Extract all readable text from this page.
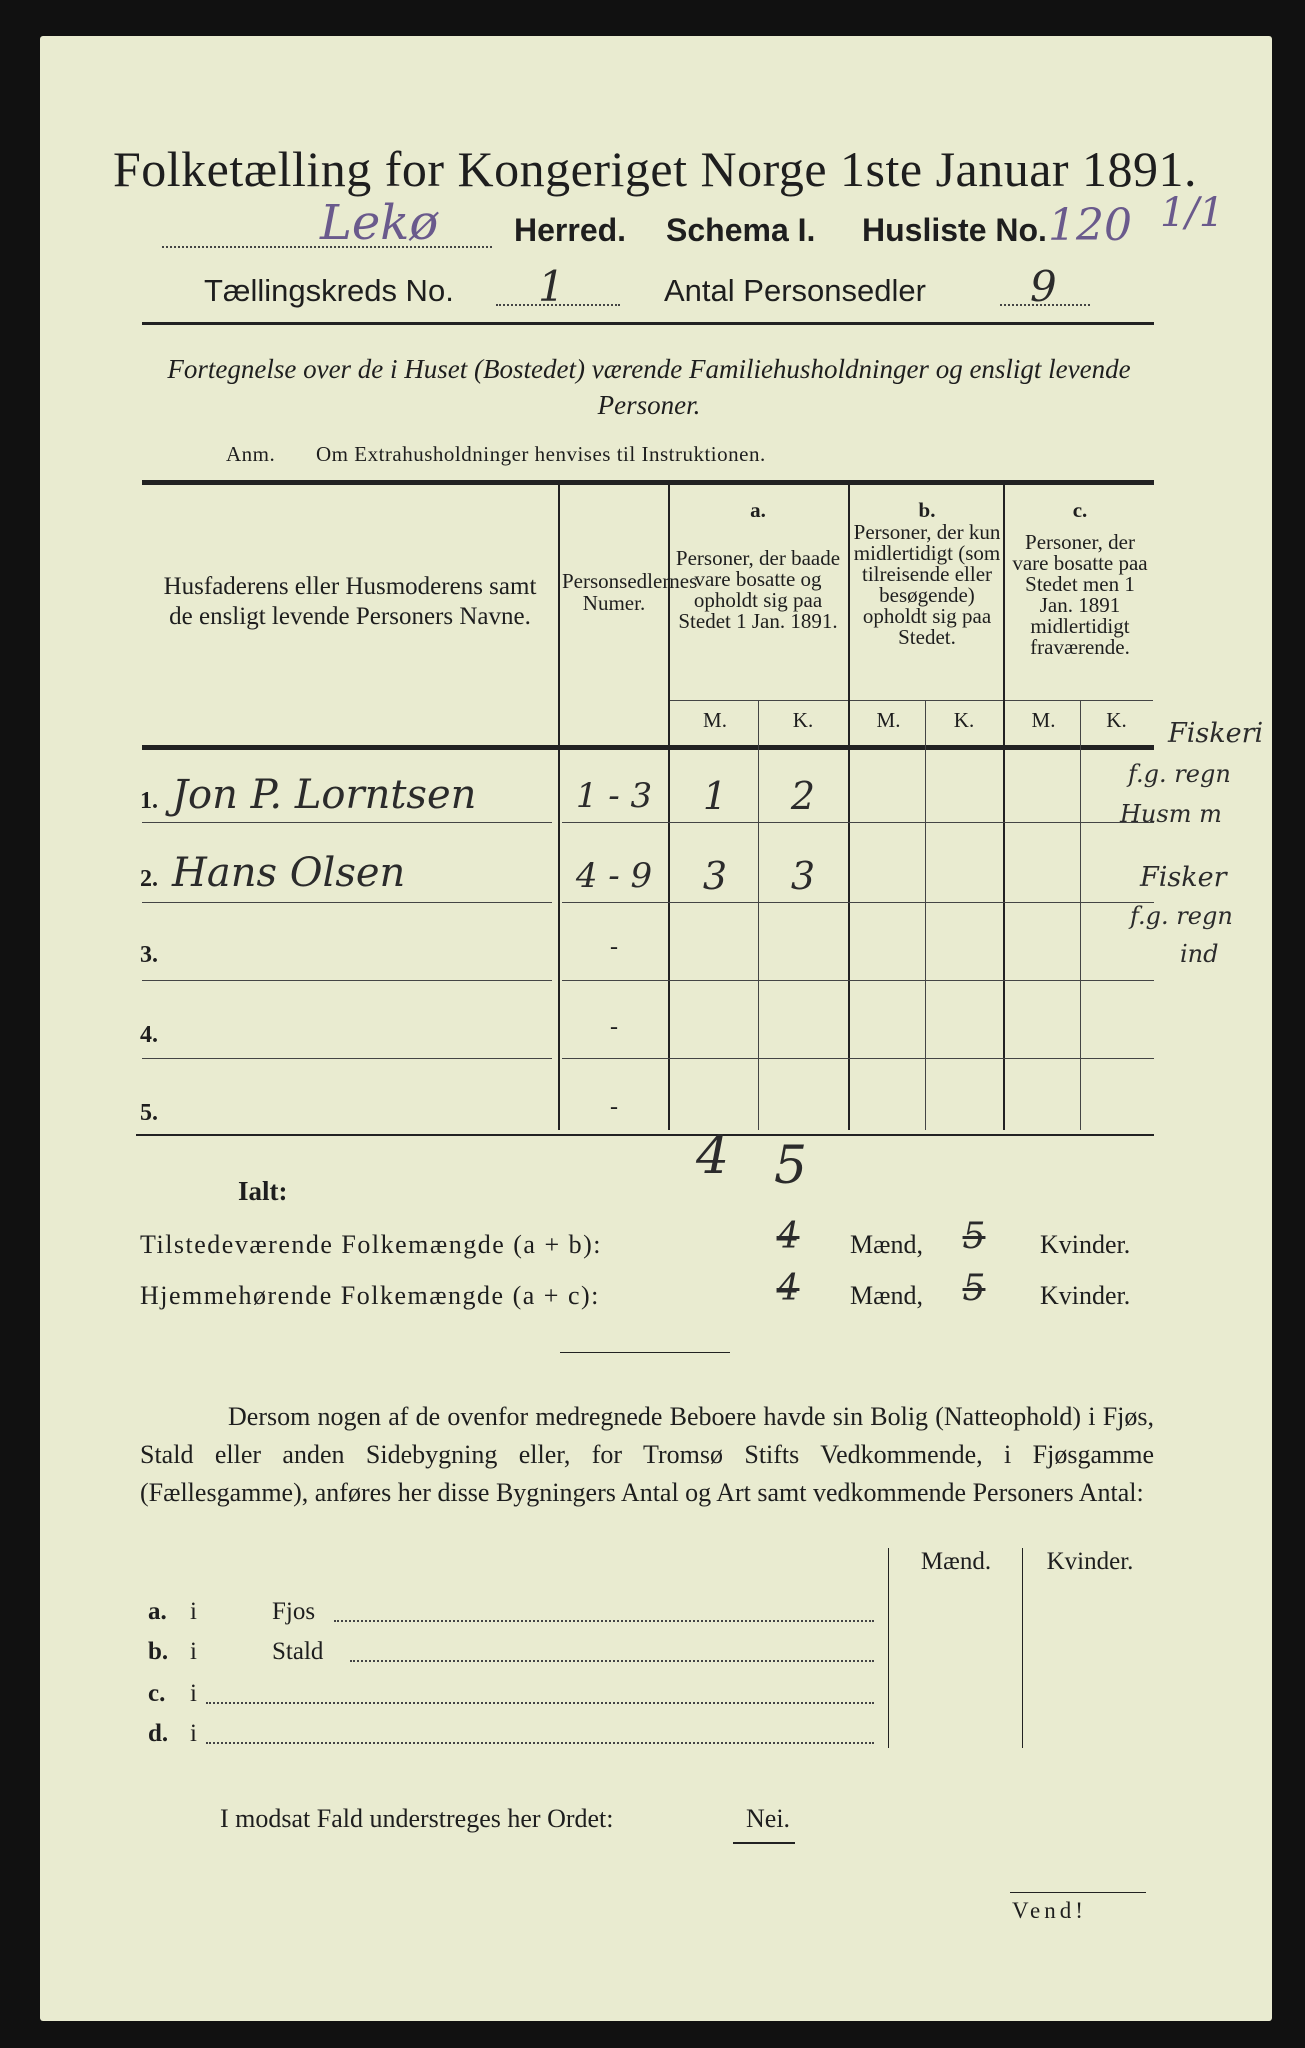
Folketælling for Kongeriget Norge 1ste Januar 1891.
Lekø Herred. Schema I. Husliste No. 120 1/1
Tællingskreds No. 1	Antal Personsedler 9
Fortegnelse over de i Huset (Bostedet) værende Familiehusholdninger og ensligt levende Personer.
Anm. Om Extrahusholdninger henvises til Instruktionen.
Husfaderens eller Husmoderens samt de ensligt levende Personers Navne.
Personsedlernes Numer.
a.
Personer, der baade vare bosatte og opholdt sig paa Stedet 1 Jan. 1891.
b.
Personer, der kun midlertidigt (som tilreisende eller besøgende) opholdt sig paa Stedet.
c.
Personer, der vare bosatte paa Stedet men 1 Jan. 1891 midlertidigt fraværende.
M.	K.	M.	K.	M.	K.
1. Jon P. Lorntsen	1 - 3	1	2
2. Hans Olsen	4 - 9	3	3
3.	-
4.	-
5.	-
Fiskeri
f.g. regn
Husm m
Fisker
f.g. regn
ind
Ialt:
4 5
Tilstedeværende Folkemængde (a + b):	4	Mænd,	5	Kvinder.
Hjemmehørende Folkemængde (a + c):	4	Mænd,	5	Kvinder.
Dersom nogen af de ovenfor medregnede Beboere havde sin Bolig (Natteophold) i Fjøs, Stald eller anden Sidebygning eller, for Tromsø Stifts Vedkommende, i Fjøsgamme (Fællesgamme), anføres her disse Bygningers Antal og Art samt vedkommende Personers Antal:
Mænd.	Kvinder.
a. i	Fjos
b. i	Stald
c. i
d. i
I modsat Fald understreges her Ordet:	Nei.
Vend!
